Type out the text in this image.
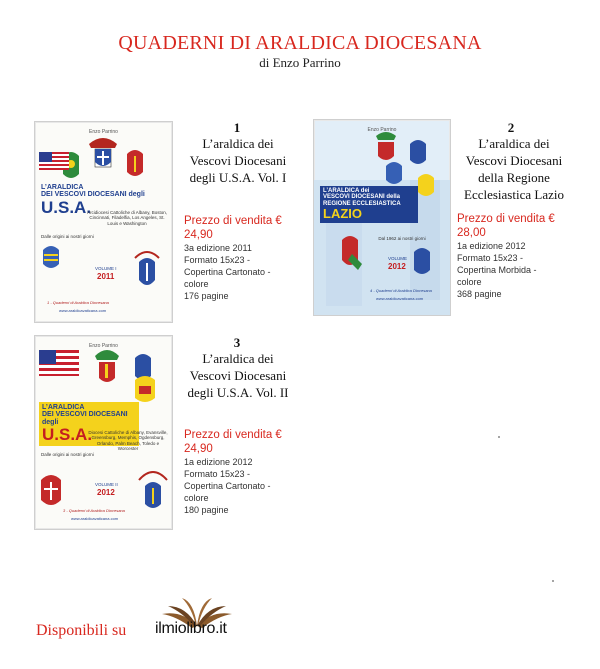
QUADERNI DI ARALDICA DIOCESANA
di Enzo Parrino
Enzo Parrino
L’ARALDICA
DEI VESCOVI DIOCESANI degli
U.S.A.
Arcidiocesi Cattoliche di Albany, Boston, Cincinnati, Filadelfia, Los Angeles, St. Louis e Washington
Dalle origini ai nostri giorni
VOLUME I
2011
1 - Quaderni di Araldica Diocesana
www.araldicavaticana.com
1
L’araldica dei
Vescovi Diocesani
degli U.S.A. Vol. I
Prezzo di vendita €
24,90
3a edizione 2011
Formato 15x23 -
Copertina Cartonato -
colore
176 pagine
Enzo Parrino
L’ARALDICA dei
VESCOVI DIOCESANI della
REGIONE ECCLESIASTICA
LAZIO
Dal 1962 ai nostri giorni
VOLUME
2012
4 - Quaderni di Araldica Diocesana
www.araldicavaticana.com
2
L’araldica dei
Vescovi Diocesani
della Regione
Ecclesiastica Lazio
Prezzo di vendita €
28,00
1a edizione 2012
Formato 15x23 -
Copertina Morbida -
colore
368 pagine
Enzo Parrino
L’ARALDICA
DEI VESCOVI DIOCESANI degli
U.S.A.
Diocesi Cattoliche di Albany, Evansville, Greensburg, Memphis, Ogdensburg, Orlando, Palm Beach, Toledo e Worcester
Dalle origini ai nostri giorni
VOLUME II
2012
3 - Quaderni di Araldica Diocesana
www.araldicavaticana.com
3
L’araldica dei
Vescovi Diocesani
degli U.S.A. Vol. II
Prezzo di vendita €
24,90
1a edizione 2012
Formato 15x23 -
Copertina Cartonato -
colore
180 pagine
Disponibili su ilmiolibro.it
